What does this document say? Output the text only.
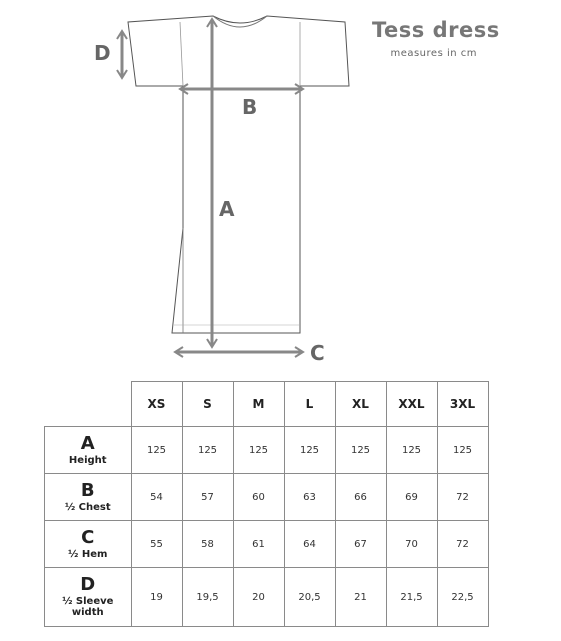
Tess dress
measures in cm
A
B
C
D
	XS	S	M	L	XL	XXL	3XL

A
Height	125	125	125	125	125	125	125

B
½ Chest	54	57	60	63	66	69	72

C
½ Hem	55	58	61	64	67	70	72

D
½ Sleeve width	19	19,5	20	20,5	21	21,5	22,5
